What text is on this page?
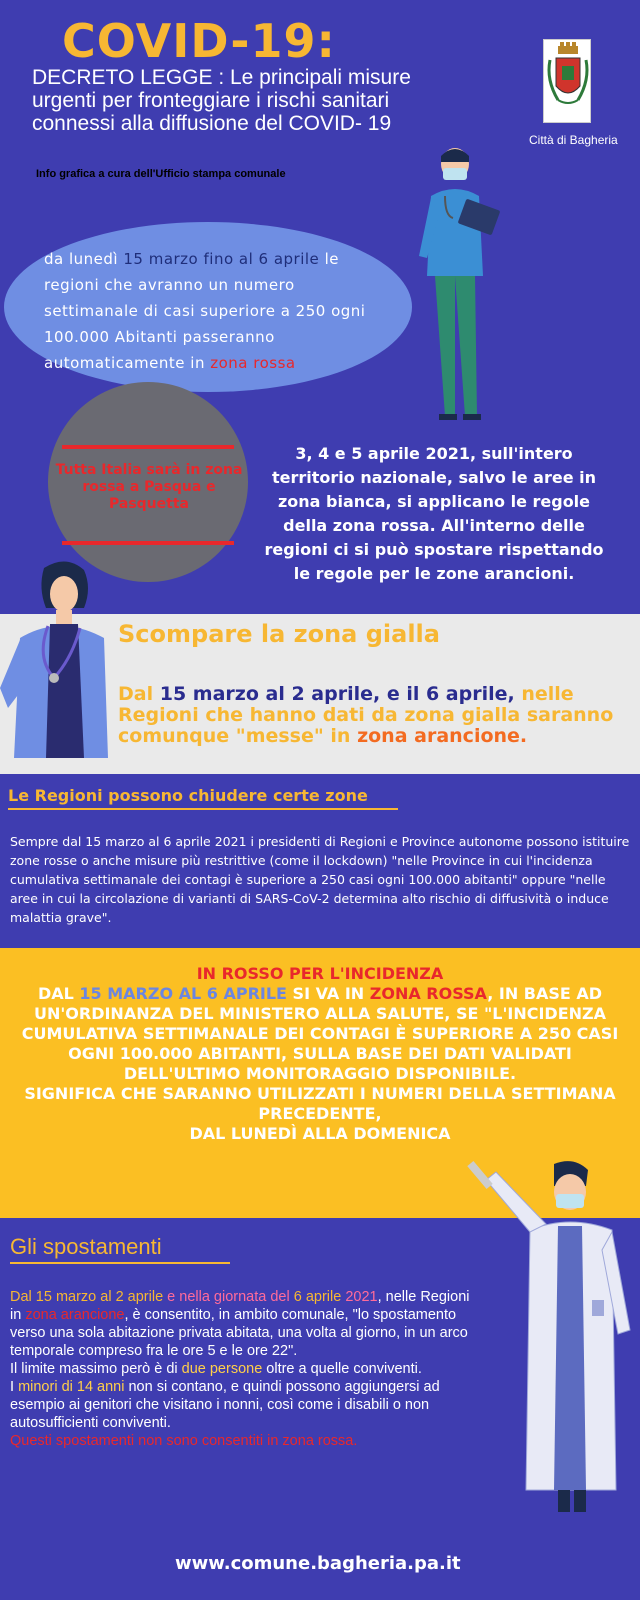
COVID-19:
DECRETO LEGGE : Le principali misure urgenti per fronteggiare i rischi sanitari connessi alla diffusione del COVID- 19
Info grafica a cura dell'Ufficio stampa comunale
Città di Bagheria
da lunedì 15 marzo fino al 6 aprile le regioni che avranno un numero settimanale di casi superiore a 250 ogni 100.000 Abitanti passeranno automaticamente in zona rossa
Tutta Italia sarà in zona rossa a Pasqua e Pasquetta
3, 4 e 5 aprile 2021, sull'intero territorio nazionale, salvo le aree in zona bianca, si applicano le regole della zona rossa. All'interno delle regioni ci si può spostare rispettando le regole per le zone arancioni.
Scompare la zona gialla
Dal 15 marzo al 2 aprile, e il 6 aprile, nelle Regioni che hanno dati da zona gialla saranno comunque "messe" in zona arancione.
Le Regioni possono chiudere certe zone
Sempre dal 15 marzo al 6 aprile 2021 i presidenti di Regioni e Province autonome possono istituire zone rosse o anche misure più restrittive (come il lockdown) "nelle Province in cui l'incidenza cumulativa settimanale dei contagi è superiore a 250 casi ogni 100.000 abitanti" oppure "nelle aree in cui la circolazione di varianti di SARS-CoV-2 determina alto rischio di diffusività o induce malattia grave".
IN ROSSO PER L'INCIDENZA
DAL 15 MARZO AL 6 APRILE SI VA IN ZONA ROSSA, IN BASE AD UN'ORDINANZA DEL MINISTERO ALLA SALUTE, SE "L'INCIDENZA CUMULATIVA SETTIMANALE DEI CONTAGI È SUPERIORE A 250 CASI OGNI 100.000 ABITANTI, SULLA BASE DEI DATI VALIDATI DELL'ULTIMO MONITORAGGIO DISPONIBILE.
SIGNIFICA CHE SARANNO UTILIZZATI I NUMERI DELLA SETTIMANA PRECEDENTE,
DAL LUNEDÌ ALLA DOMENICA
Gli spostamenti
Dal 15 marzo al 2 aprile e nella giornata del 6 aprile 2021, nelle Regioni in zona arancione, è consentito, in ambito comunale, "lo spostamento verso una sola abitazione privata abitata, una volta al giorno, in un arco temporale compreso fra le ore 5 e le ore 22".
Il limite massimo però è di due persone oltre a quelle conviventi.
I minori di 14 anni non si contano, e quindi possono aggiungersi ad esempio ai genitori che visitano i nonni, così come i disabili o non autosufficienti conviventi.
Questi spostamenti non sono consentiti in zona rossa.
www.comune.bagheria.pa.it
